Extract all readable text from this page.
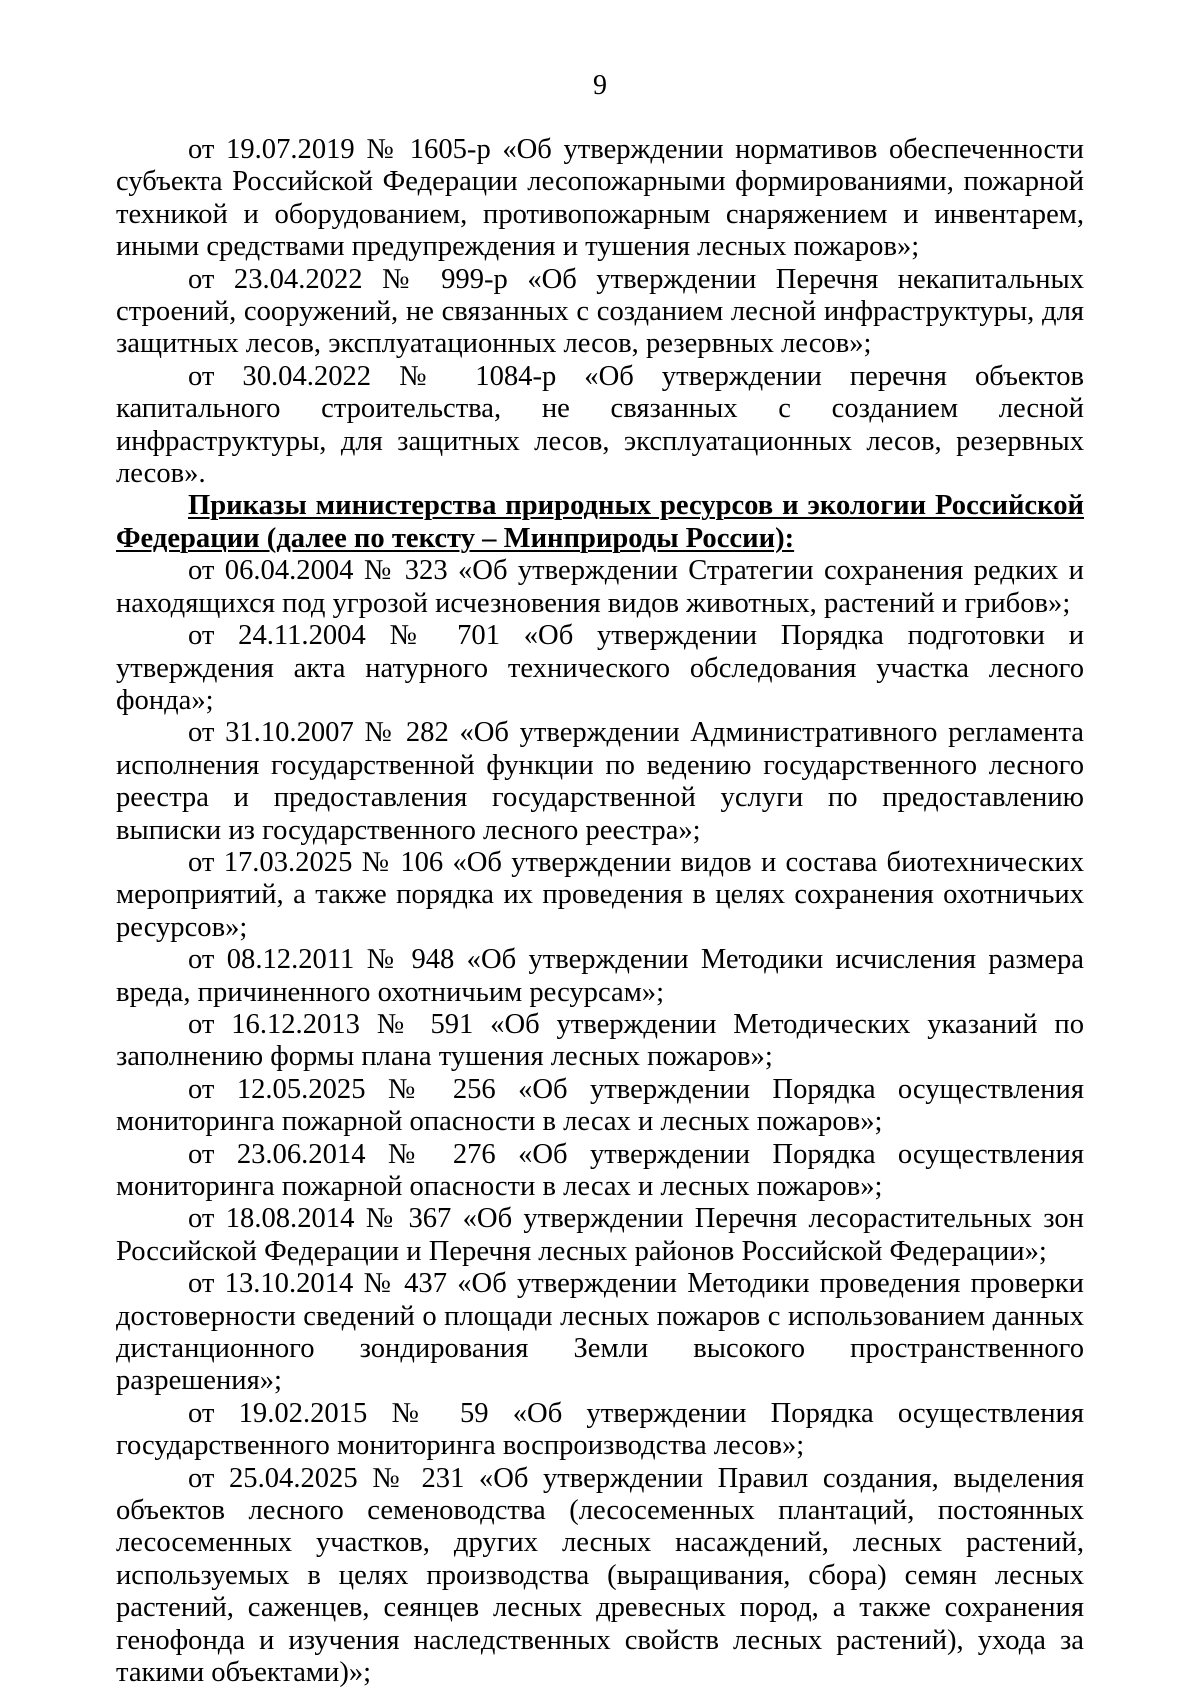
9

от 19.07.2019 № 1605-р «Об утверждении нормативов обеспеченности субъекта Российской Федерации лесопожарными формированиями, пожарной техникой и оборудованием, противопожарным снаряжением и инвентарем, иными средствами предупреждения и тушения лесных пожаров»;

от 23.04.2022 № 999-р «Об утверждении Перечня некапитальных строений, сооружений, не связанных с созданием лесной инфраструктуры, для защитных лесов, эксплуатационных лесов, резервных лесов»;

от 30.04.2022 № 1084-р «Об утверждении перечня объектов капитального строительства, не связанных с созданием лесной инфраструктуры, для защитных лесов, эксплуатационных лесов, резервных лесов».

Приказы министерства природных ресурсов и экологии Российской Федерации (далее по тексту – Минприроды России):

от 06.04.2004 № 323 «Об утверждении Стратегии сохранения редких и находящихся под угрозой исчезновения видов животных, растений и грибов»;

от 24.11.2004 № 701 «Об утверждении Порядка подготовки и утверждения акта натурного технического обследования участка лесного фонда»;

от 31.10.2007 № 282 «Об утверждении Административного регламента исполнения государственной функции по ведению государственного лесного реестра и предоставления государственной услуги по предоставлению выписки из государственного лесного реестра»;

от 17.03.2025 № 106 «Об утверждении видов и состава биотехнических мероприятий, а также порядка их проведения в целях сохранения охотничьих ресурсов»;

от 08.12.2011 № 948 «Об утверждении Методики исчисления размера вреда, причиненного охотничьим ресурсам»;

от 16.12.2013 № 591 «Об утверждении Методических указаний по заполнению формы плана тушения лесных пожаров»;

от 12.05.2025 № 256 «Об утверждении Порядка осуществления мониторинга пожарной опасности в лесах и лесных пожаров»;

от 23.06.2014 № 276 «Об утверждении Порядка осуществления мониторинга пожарной опасности в лесах и лесных пожаров»;

от 18.08.2014 № 367 «Об утверждении Перечня лесорастительных зон Российской Федерации и Перечня лесных районов Российской Федерации»;

от 13.10.2014 № 437 «Об утверждении Методики проведения проверки достоверности сведений о площади лесных пожаров с использованием данных дистанционного зондирования Земли высокого пространственного разрешения»;

от 19.02.2015 № 59 «Об утверждении Порядка осуществления государственного мониторинга воспроизводства лесов»;

от 25.04.2025 № 231 «Об утверждении Правил создания, выделения объектов лесного семеноводства (лесосеменных плантаций, постоянных лесосеменных участков, других лесных насаждений, лесных растений, используемых в целях производства (выращивания, сбора) семян лесных растений, саженцев, сеянцев лесных древесных пород, а также сохранения генофонда и изучения наследственных свойств лесных растений), ухода за такими объектами)»;
